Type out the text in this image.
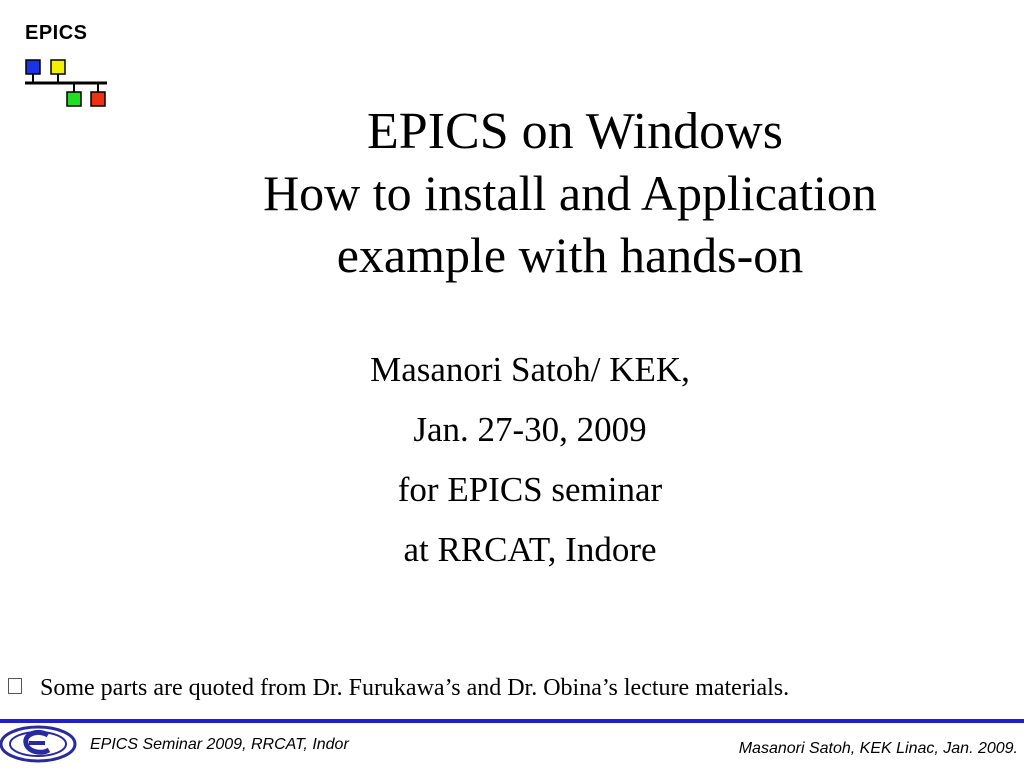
EPICS
EPICS on Windows
How to install and Application
example with hands-on
Masanori Satoh/ KEK,
Jan. 27-30, 2009
for EPICS seminar
at RRCAT, Indore
Some parts are quoted from Dr. Furukawa’s and Dr. Obina’s lecture materials.
EPICS Seminar 2009, RRCAT, Indor	Masanori Satoh, KEK Linac, Jan. 2009.
